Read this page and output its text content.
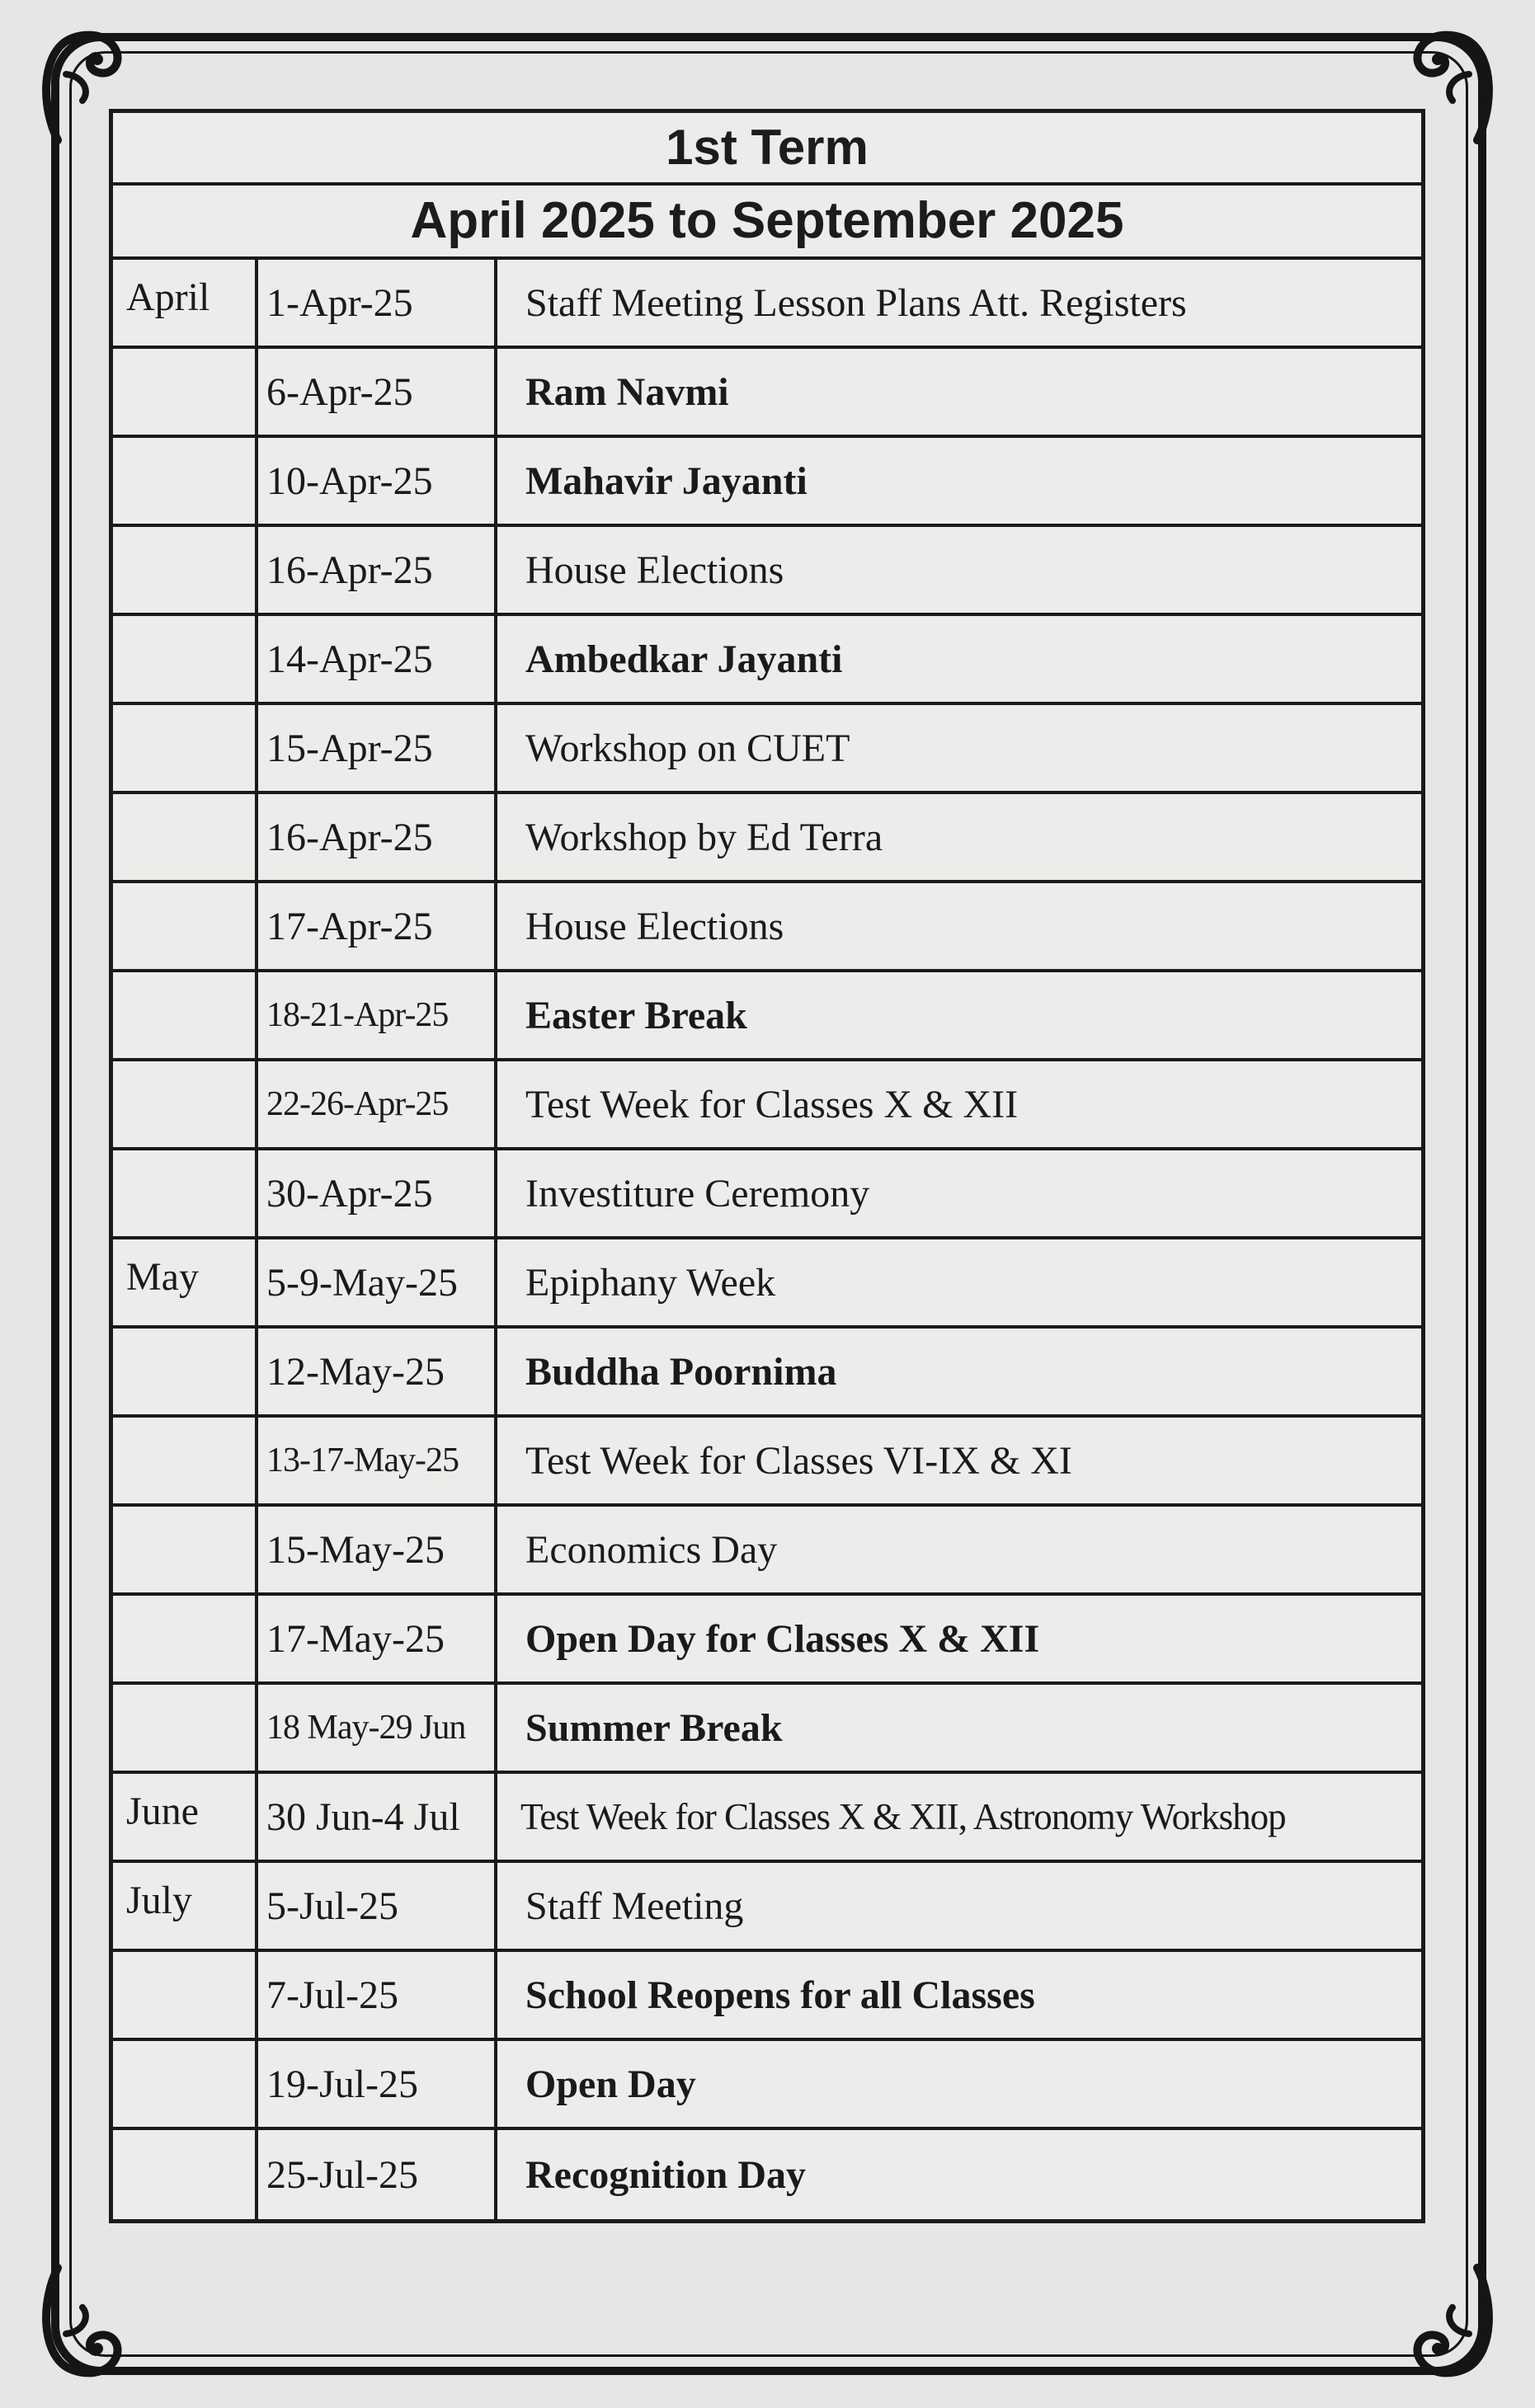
1st Term
April 2025 to September 2025
April	1-Apr-25	Staff Meeting Lesson Plans Att. Registers
6-Apr-25	Ram Navmi
10-Apr-25	Mahavir Jayanti
16-Apr-25	House Elections
14-Apr-25	Ambedkar Jayanti
15-Apr-25	Workshop on CUET
16-Apr-25	Workshop by Ed Terra
17-Apr-25	House Elections
18-21-Apr-25	Easter Break
22-26-Apr-25	Test Week for Classes X & XII
30-Apr-25	Investiture Ceremony
May	5-9-May-25	Epiphany Week
12-May-25	Buddha Poornima
13-17-May-25	Test Week for Classes VI-IX & XI
15-May-25	Economics Day
17-May-25	Open Day for Classes X & XII
18 May-29 Jun	Summer Break
June	30 Jun-4 Jul	Test Week for Classes X & XII, Astronomy Workshop
July	5-Jul-25	Staff Meeting
7-Jul-25	School Reopens for all Classes
19-Jul-25	Open Day
25-Jul-25	Recognition Day
